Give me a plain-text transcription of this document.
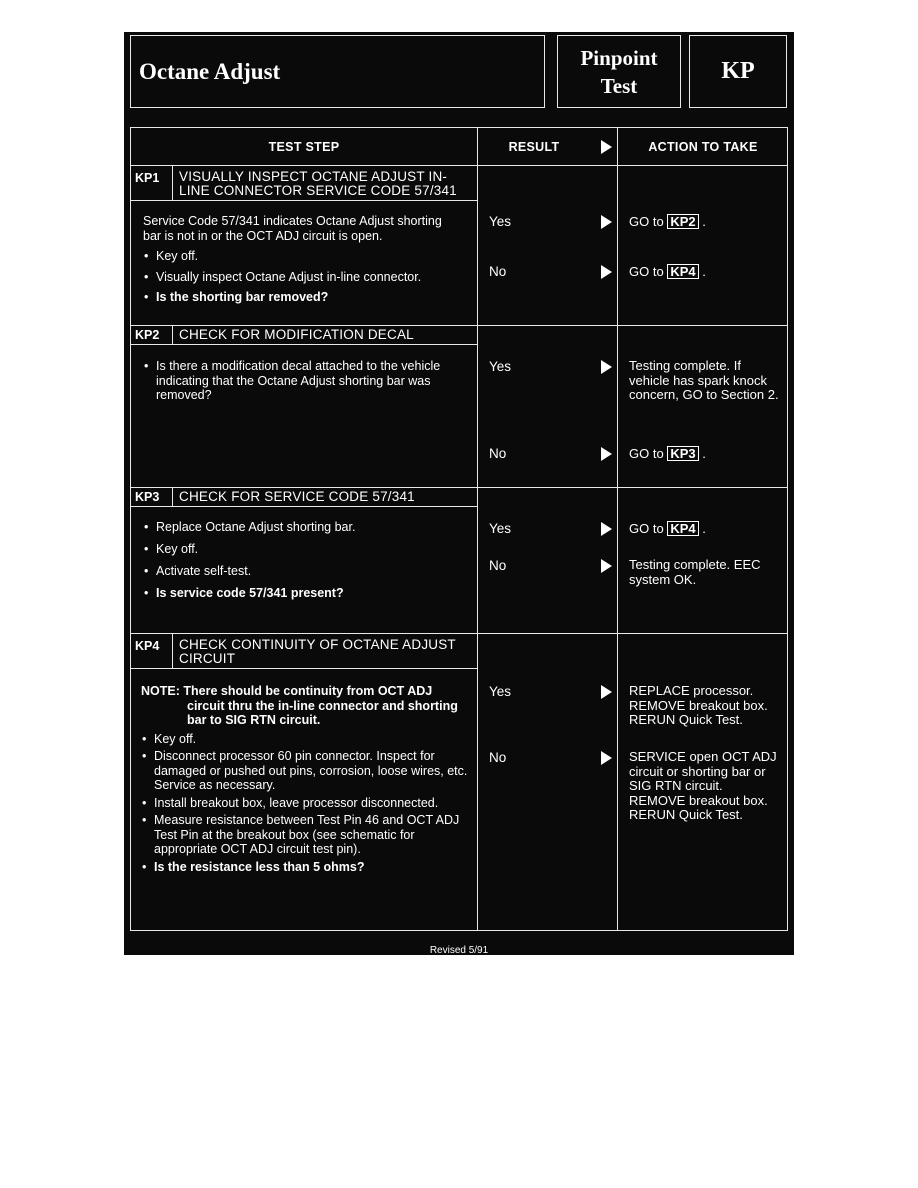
Octane Adjust
Pinpoint
Test
KP
TEST STEP	RESULT	ACTION TO TAKE
KP1	VISUALLY INSPECT OCTANE ADJUST IN-
LINE CONNECTOR SERVICE CODE 57/341

Service Code 57/341 indicates Octane Adjust shorting bar is not in or the OCT ADJ circuit is open.

• Key off.
• Visually inspect Octane Adjust in-line connector.
• Is the shorting bar removed?
Yes	GO to KP2 .
No	GO to KP4 .
KP2	CHECK FOR MODIFICATION DECAL
• Is there a modification decal attached to the vehicle indicating that the Octane Adjust shorting bar was removed?
Yes	Testing complete. If vehicle has spark knock concern, GO to Section 2.
No	GO to KP3 .
KP3	CHECK FOR SERVICE CODE 57/341
• Replace Octane Adjust shorting bar.
• Key off.
• Activate self-test.
• Is service code 57/341 present?
Yes	GO to KP4 .
No	Testing complete. EEC system OK.
KP4	CHECK CONTINUITY OF OCTANE ADJUST
CIRCUIT

NOTE: There should be continuity from OCT ADJ
circuit thru the in-line connector and shorting bar to SIG RTN circuit.

• Key off.
• Disconnect processor 60 pin connector. Inspect for damaged or pushed out pins, corrosion, loose wires, etc. Service as necessary.
• Install breakout box, leave processor disconnected.
• Measure resistance between Test Pin 46 and OCT ADJ Test Pin at the breakout box (see schematic for appropriate OCT ADJ circuit test pin).
• Is the resistance less than 5 ohms?
Yes	REPLACE processor. REMOVE breakout box. RERUN Quick Test.
No	SERVICE open OCT ADJ circuit or shorting bar or SIG RTN circuit. REMOVE breakout box. RERUN Quick Test.
Revised 5/91
